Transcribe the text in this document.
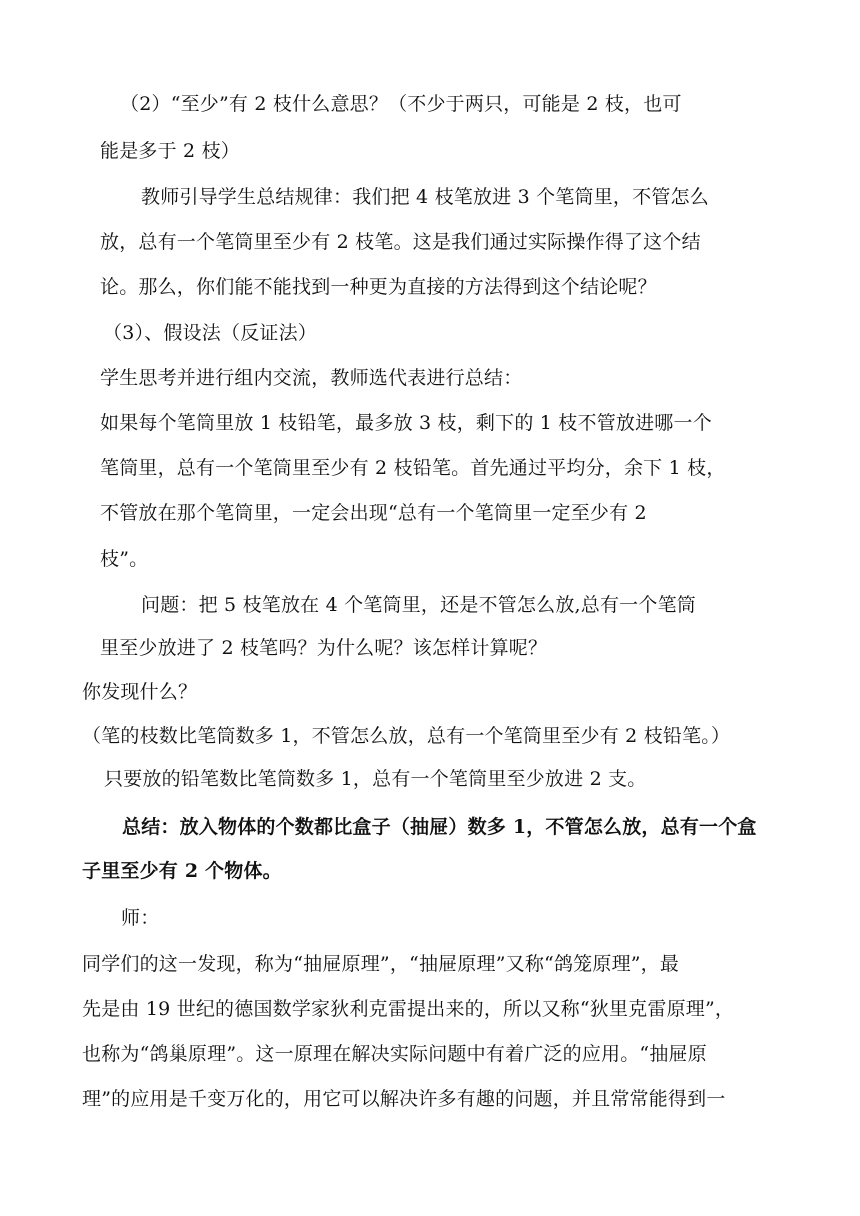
（2）“至少”有 2 枝什么意思？（不少于两只，可能是 2 枝，也可
能是多于 2 枝）
教师引导学生总结规律：我们把 4 枝笔放进 3 个笔筒里，不管怎么
放，总有一个笔筒里至少有 2 枝笔。这是我们通过实际操作得了这个结
论。那么，你们能不能找到一种更为直接的方法得到这个结论呢？
（3）、假设法（反证法）
学生思考并进行组内交流，教师选代表进行总结：
如果每个笔筒里放 1 枝铅笔，最多放 3 枝，剩下的 1 枝不管放进哪一个
笔筒里，总有一个笔筒里至少有 2 枝铅笔。首先通过平均分，余下 1 枝，
不管放在那个笔筒里，一定会出现“总有一个笔筒里一定至少有 2
枝”。
问题：把 5 枝笔放在 4 个笔筒里，还是不管怎么放,总有一个笔筒
里至少放进了 2 枝笔吗？为什么呢？该怎样计算呢？
你发现什么？
（笔的枝数比笔筒数多 1，不管怎么放，总有一个笔筒里至少有 2 枝铅笔。）
只要放的铅笔数比笔筒数多 1，总有一个笔筒里至少放进 2 支。
总结：放入物体的个数都比盒子（抽屉）数多 1，不管怎么放，总有一个盒
子里至少有 2 个物体。
师：
同学们的这一发现，称为“抽屉原理”，“抽屉原理”又称“鸽笼原理”，最
先是由 19 世纪的德国数学家狄利克雷提出来的，所以又称“狄里克雷原理”，
也称为“鸽巢原理”。这一原理在解决实际问题中有着广泛的应用。“抽屉原
理”的应用是千变万化的，用它可以解决许多有趣的问题，并且常常能得到一
